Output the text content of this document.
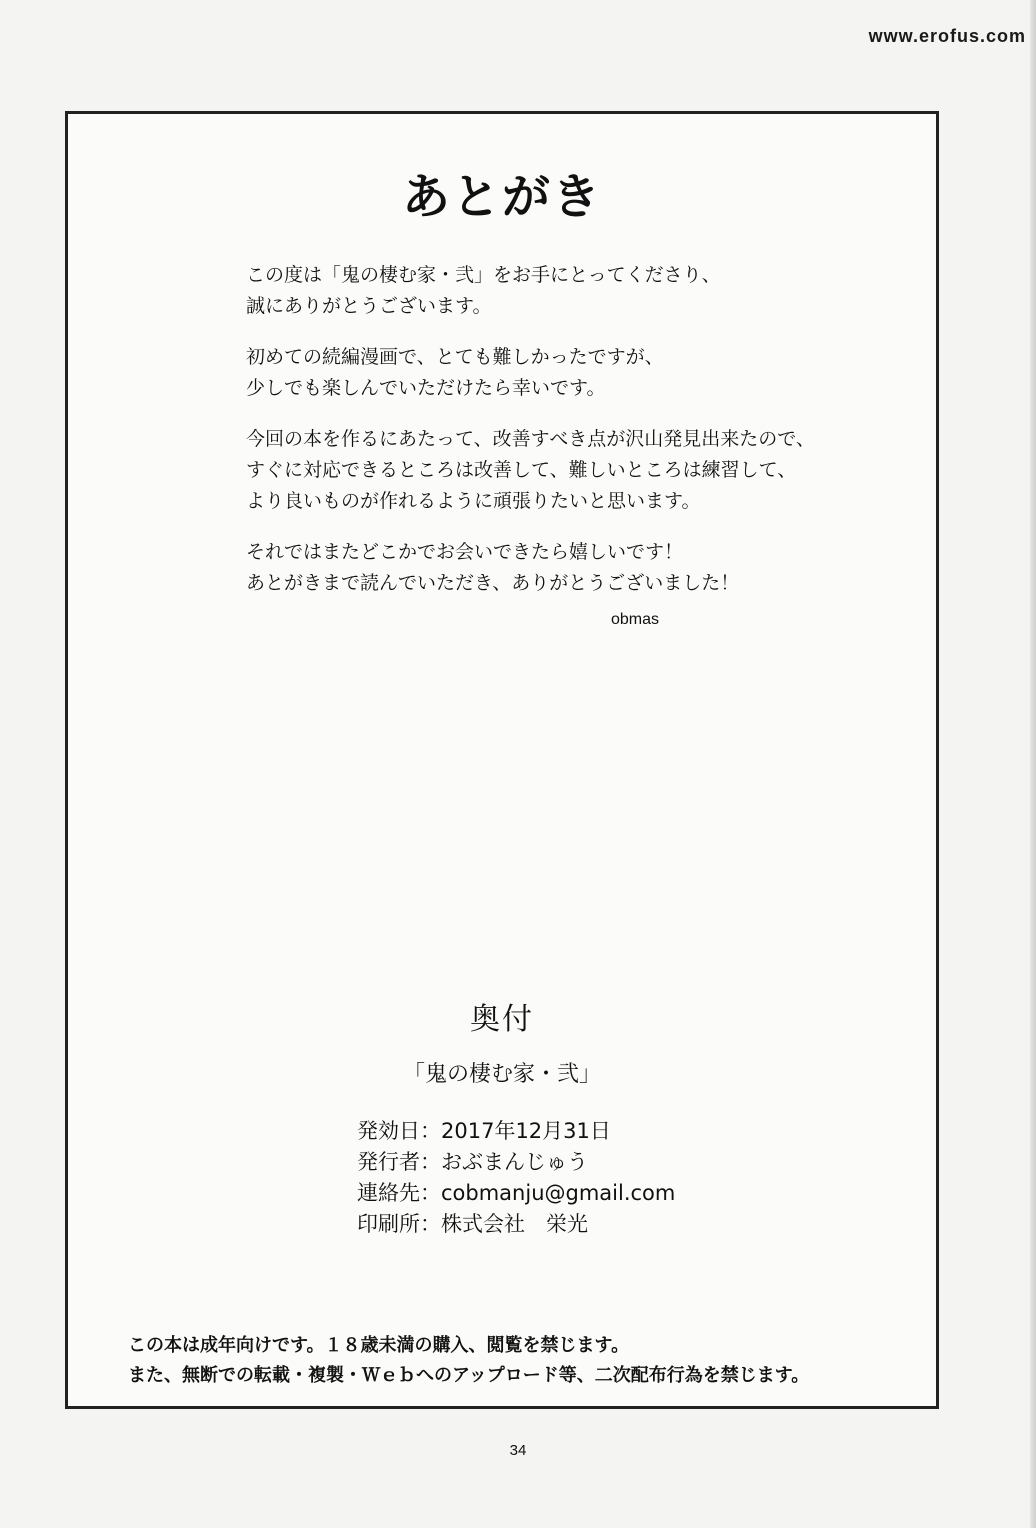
www.erofus.com
あとがき
この度は「鬼の棲む家・弐」をお手にとってくださり、
誠にありがとうございます。
初めての続編漫画で、とても難しかったですが、
少しでも楽しんでいただけたら幸いです。
今回の本を作るにあたって、改善すべき点が沢山発見出来たので、
すぐに対応できるところは改善して、難しいところは練習して、
より良いものが作れるように頑張りたいと思います。
それではまたどこかでお会いできたら嬉しいです！
あとがきまで読んでいただき、ありがとうございました！
obmas
奥付
「鬼の棲む家・弐」
発効日：2017年12月31日
発行者：おぶまんじゅう
連絡先：cobmanju@gmail.com
印刷所：株式会社　栄光
この本は成年向けです。１８歳未満の購入、閲覧を禁じます。
また、無断での転載・複製・Ｗｅｂへのアップロード等、二次配布行為を禁じます。
34
